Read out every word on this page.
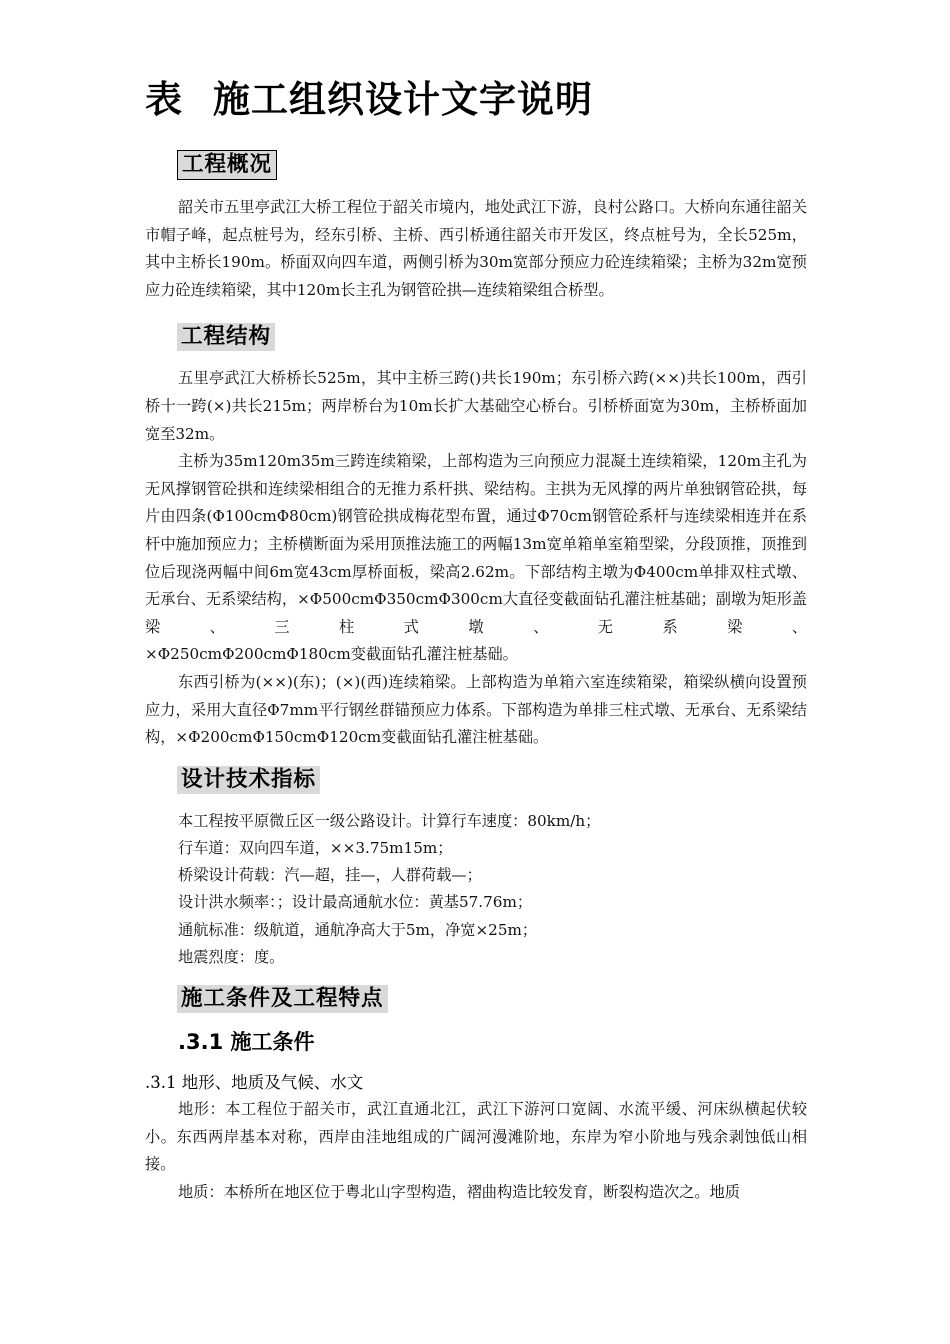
表 施工组织设计文字说明
工程概况

韶关市五里亭武江大桥工程位于韶关市境内，地处武江下游，良村公路口。大桥向东通往韶关市帽子峰，起点桩号为，经东引桥、主桥、西引桥通往韶关市开发区，终点桩号为，全长525m，其中主桥长190m。桥面双向四车道，两侧引桥为30m宽部分预应力砼连续箱梁；主桥为32m宽预应力砼连续箱梁，其中120m长主孔为钢管砼拱—连续箱梁组合桥型。

工程结构

五里亭武江大桥桥长525m，其中主桥三跨()共长190m；东引桥六跨(××)共长100m，西引桥十一跨(×)共长215m；两岸桥台为10m长扩大基础空心桥台。引桥桥面宽为30m，主桥桥面加宽至32m。

主桥为35m120m35m三跨连续箱梁，上部构造为三向预应力混凝土连续箱梁，120m主孔为无风撑钢管砼拱和连续梁相组合的无推力系杆拱、梁结构。主拱为无风撑的两片单独钢管砼拱，每片由四条(Φ100cmΦ80cm)钢管砼拱成梅花型布置，通过Φ70cm钢管砼系杆与连续梁相连并在系杆中施加预应力；主桥横断面为采用顶推法施工的两幅13m宽单箱单室箱型梁，分段顶推，顶推到位后现浇两幅中间6m宽43cm厚桥面板，梁高2.62m。下部结构主墩为Φ400cm单排双柱式墩、无承台、无系梁结构，×Φ500cmΦ350cmΦ300cm大直径变截面钻孔灌注桩基础；副墩为矩形盖梁、三柱式墩、无系梁、

×Φ250cmΦ200cmΦ180cm变截面钻孔灌注桩基础。

东西引桥为(××)(东)；(×)(西)连续箱梁。上部构造为单箱六室连续箱梁，箱梁纵横向设置预应力，采用大直径Φ7mm平行钢丝群锚预应力体系。下部构造为单排三柱式墩、无承台、无系梁结构，×Φ200cmΦ150cmΦ120cm变截面钻孔灌注桩基础。

设计技术指标

本工程按平原微丘区一级公路设计。计算行车速度：80km/h；

行车道：双向四车道，××3.75m15m；

桥梁设计荷载：汽—超，挂—，人群荷载—；

设计洪水频率：；设计最高通航水位：黄基57.76m；

通航标准：级航道，通航净高大于5m，净宽×25m；

地震烈度：度。

施工条件及工程特点

.3.1 施工条件

.3.1 地形、地质及气候、水文

地形：本工程位于韶关市，武江直通北江，武江下游河口宽阔、水流平缓、河床纵横起伏较小。东西两岸基本对称，西岸由洼地组成的广阔河漫滩阶地，东岸为窄小阶地与残余剥蚀低山相接。

地质：本桥所在地区位于粤北山字型构造，褶曲构造比较发育，断裂构造次之。地质
